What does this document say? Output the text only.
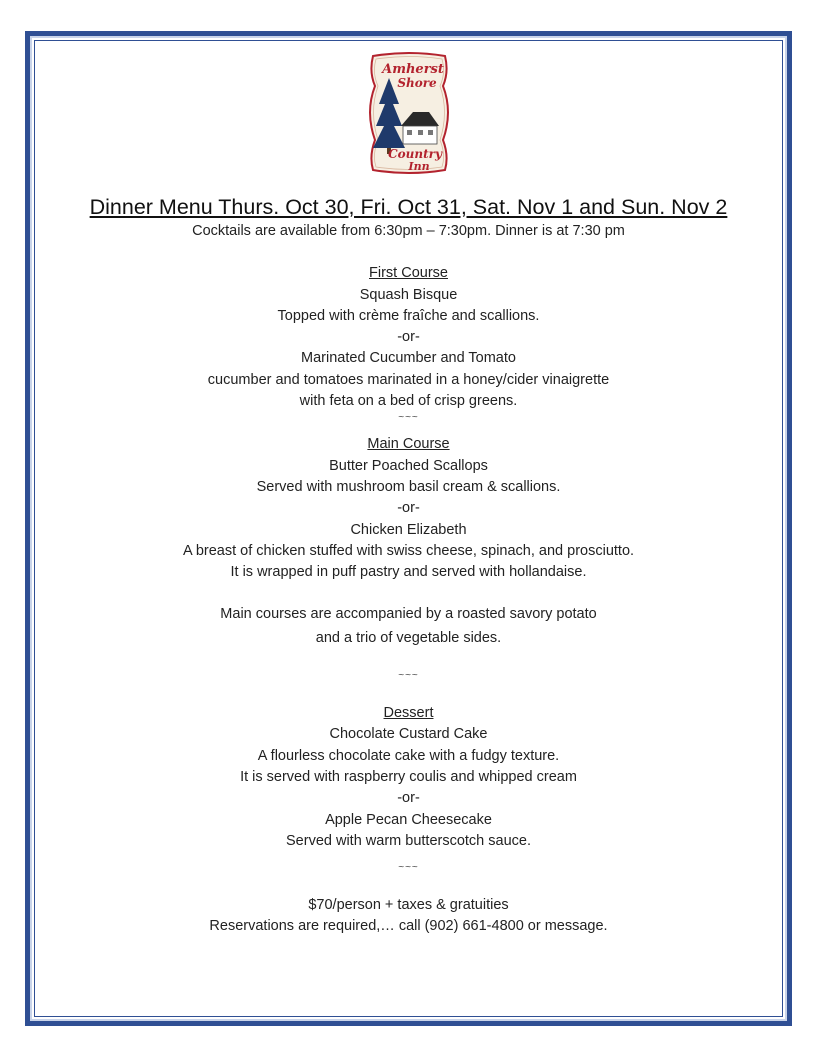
Amherst
Shore
Country
Inn
Dinner Menu Thurs. Oct 30, Fri. Oct 31, Sat. Nov 1 and Sun. Nov 2
Cocktails are available from 6:30pm – 7:30pm. Dinner is at 7:30 pm
First Course
Squash Bisque
Topped with crème fraîche and scallions.
-or-
Marinated Cucumber and Tomato
cucumber and tomatoes marinated in a honey/cider vinaigrette
with feta on a bed of crisp greens.
~~~
Main Course
Butter Poached Scallops
Served with mushroom basil cream & scallions.
-or-
Chicken Elizabeth
A breast of chicken stuffed with swiss cheese, spinach, and prosciutto.
It is wrapped in puff pastry and served with hollandaise.
Main courses are accompanied by a roasted savory potato
and a trio of vegetable sides.
~~~
Dessert
Chocolate Custard Cake
A flourless chocolate cake with a fudgy texture.
It is served with raspberry coulis and whipped cream
-or-
Apple Pecan Cheesecake
Served with warm butterscotch sauce.
~~~
$70/person + taxes & gratuities
Reservations are required,… call (902) 661-4800 or message.
